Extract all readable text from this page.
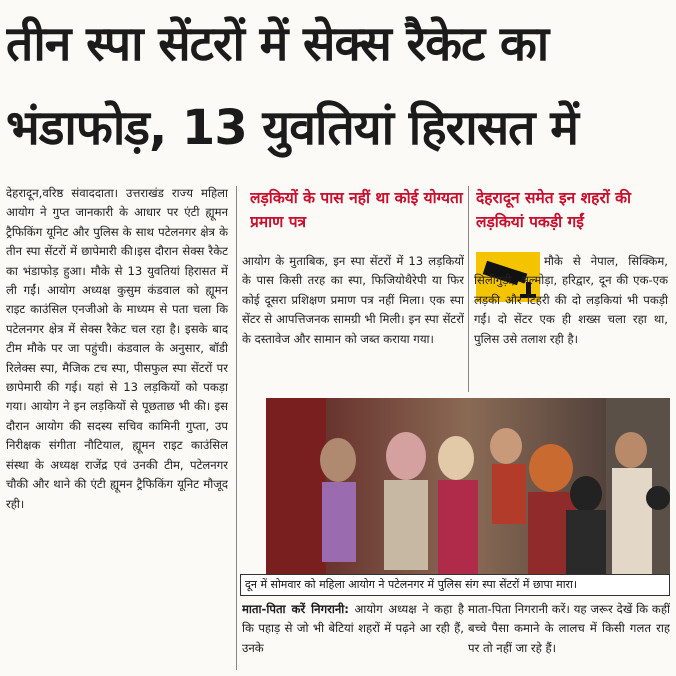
तीन स्पा सेंटरों में सेक्स रैकेट का
भंडाफोड़, 13 युवतियां हिरासत में

देहरादून,वरिष्ठ संवाददाता। उत्तराखंड राज्य महिला आयोग ने गुप्त जानकारी के आधार पर एंटी ह्यूमन ट्रैफिकिंग यूनिट और पुलिस के साथ पटेलनगर क्षेत्र के तीन स्पा सेंटरों में छापेमारी की।इस दौरान सेक्स रैकेट का भंडाफोड़ हुआ। मौके से 13 युवतियां हिरासत में ली गईं। आयोग अध्यक्ष कुसुम कंडवाल को ह्यूमन राइट काउंसिल एनजीओ के माध्यम से पता चला कि पटेलनगर क्षेत्र में सेक्स रैकेट चल रहा है। इसके बाद टीम मौके पर जा पहुंची। कंडवाल के अनुसार, बॉडी रिलेक्स स्पा, मैजिक टच स्पा, पीसफुल स्पा सेंटरों पर छापेमारी की गई। यहां से 13 लड़कियों को पकड़ा गया। आयोग ने इन लड़कियों से पूछताछ भी की। इस दौरान आयोग की सदस्य सचिव कामिनी गुप्ता, उप निरीक्षक संगीता नौटियाल, ह्यूमन राइट काउंसिल संस्था के अध्यक्ष राजेंद्र एवं उनकी टीम, पटेलनगर चौकी और थाने की एंटी ह्यूमन ट्रैफिकिंग यूनिट मौजूद रही।

लड़कियों के पास नहीं था कोई योग्यता प्रमाण पत्र

आयोग के मुताबिक, इन स्पा सेंटरों में 13 लड़कियों के पास किसी तरह का स्पा, फिजियोथैरेपी या फिर कोई दूसरा प्रशिक्षण प्रमाण पत्र नहीं मिला। एक स्पा सेंटर से आपत्तिजनक सामग्री भी मिली। इन स्पा सेंटरों के दस्तावेज और सामान को जब्त कराया गया।

देहरादून समेत इन शहरों की लड़कियां पकड़ी गईं

मौके से नेपाल, सिक्किम, सिलीगुड़ी, अल्मोड़ा, हरिद्वार, दून की एक-एक लड़की और टिहरी की दो लड़कियां भी पकड़ी गईं। दो सेंटर एक ही शख्स चला रहा था, पुलिस उसे तलाश रही है।

दून में सोमवार को महिला आयोग ने पटेलनगर में पुलिस संग स्पा सेंटरों में छापा मारा।
माता-पिता करें निगरानी: आयोग अध्यक्ष ने कहा है कि पहाड़ से जो भी बेटियां शहरों में पढ़ने आ रही हैं, उनके
माता-पिता निगरानी करें। यह जरूर देखें कि कहीं बच्चे पैसा कमाने के लालच में किसी गलत राह पर तो नहीं जा रहे हैं।
